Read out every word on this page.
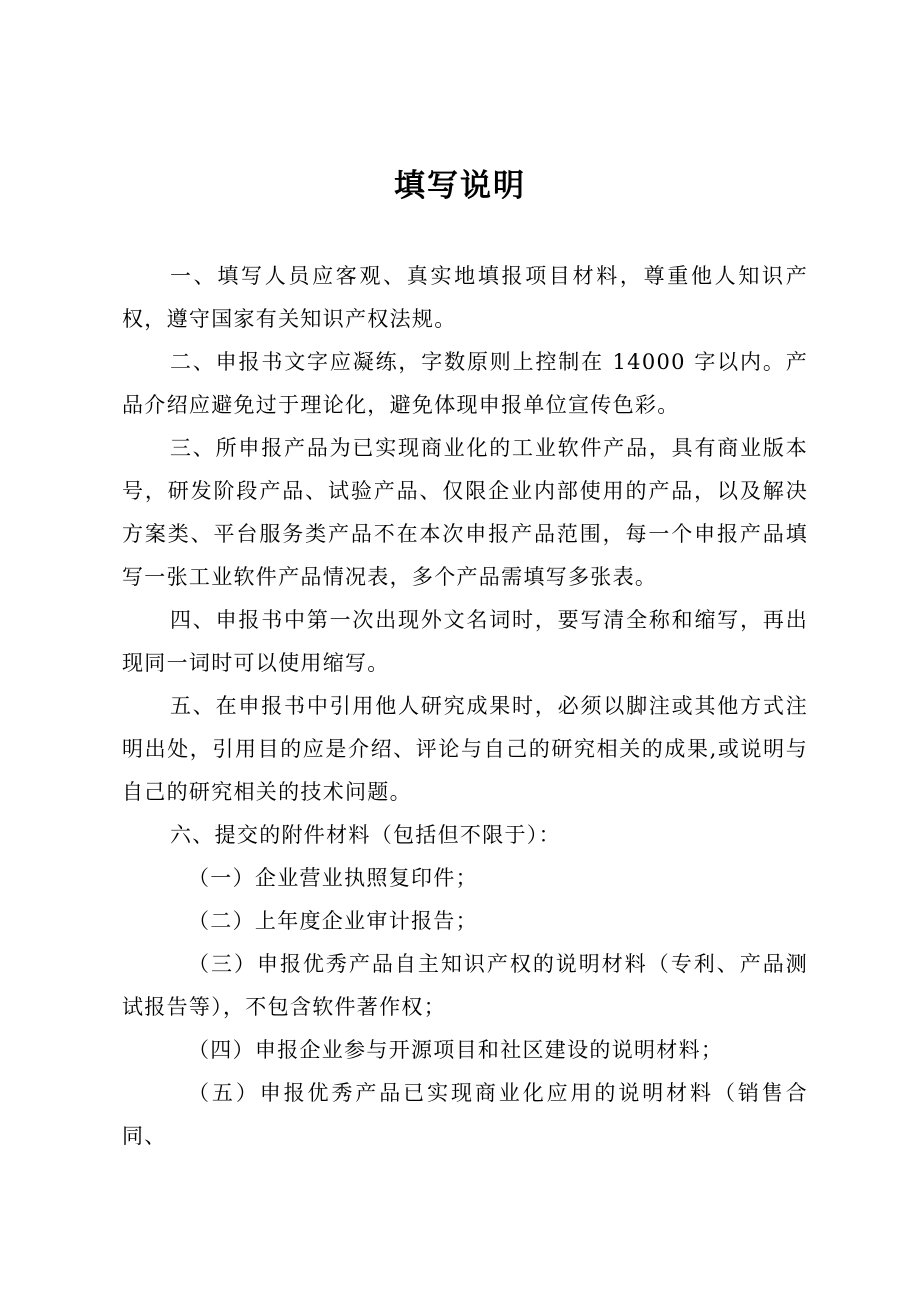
填写说明

一、填写人员应客观、真实地填报项目材料，尊重他人知识产权，遵守国家有关知识产权法规。

二、申报书文字应凝练，字数原则上控制在 14000 字以内。产品介绍应避免过于理论化，避免体现申报单位宣传色彩。

三、所申报产品为已实现商业化的工业软件产品，具有商业版本号，研发阶段产品、试验产品、仅限企业内部使用的产品，以及解决方案类、平台服务类产品不在本次申报产品范围，每一个申报产品填写一张工业软件产品情况表，多个产品需填写多张表。

四、申报书中第一次出现外文名词时，要写清全称和缩写，再出现同一词时可以使用缩写。

五、在申报书中引用他人研究成果时，必须以脚注或其他方式注明出处，引用目的应是介绍、评论与自己的研究相关的成果,或说明与自己的研究相关的技术问题。

六、提交的附件材料（包括但不限于）：

（一）企业营业执照复印件；

（二）上年度企业审计报告；

（三）申报优秀产品自主知识产权的说明材料（专利、产品测试报告等），不包含软件著作权；

（四）申报企业参与开源项目和社区建设的说明材料；

（五）申报优秀产品已实现商业化应用的说明材料（销售合同、
